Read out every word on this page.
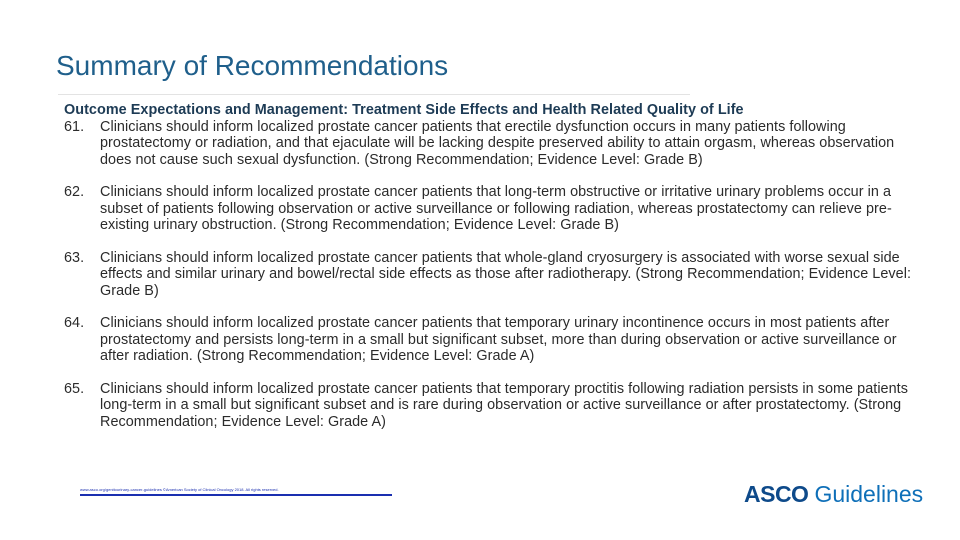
Summary of Recommendations
Outcome Expectations and Management: Treatment Side Effects and Health Related Quality of Life
61.	Clinicians should inform localized prostate cancer patients that erectile dysfunction occurs in many patients following prostatectomy or radiation, and that ejaculate will be lacking despite preserved ability to attain orgasm, whereas observation does not cause such sexual dysfunction. (Strong Recommendation; Evidence Level: Grade B)
62.	Clinicians should inform localized prostate cancer patients that long-term obstructive or irritative urinary problems occur in a subset of patients following observation or active surveillance or following radiation, whereas prostatectomy can relieve pre-existing urinary obstruction. (Strong Recommendation; Evidence Level: Grade B)
63.	Clinicians should inform localized prostate cancer patients that whole-gland cryosurgery is associated with worse sexual side effects and similar urinary and bowel/rectal side effects as those after radiotherapy. (Strong Recommendation; Evidence Level: Grade B)
64.	Clinicians should inform localized prostate cancer patients that temporary urinary incontinence occurs in most patients after prostatectomy and persists long-term in a small but significant subset, more than during observation or active surveillance or after radiation. (Strong Recommendation; Evidence Level: Grade A)
65.	Clinicians should inform localized prostate cancer patients that temporary proctitis following radiation persists in some patients long-term in a small but significant subset and is rare during observation or active surveillance or after prostatectomy. (Strong Recommendation; Evidence Level: Grade A)
www.asco.org/genitourinary-cancer-guidelines ©American Society of Clinical Oncology 2018. All rights reserved.	ASCO Guidelines
